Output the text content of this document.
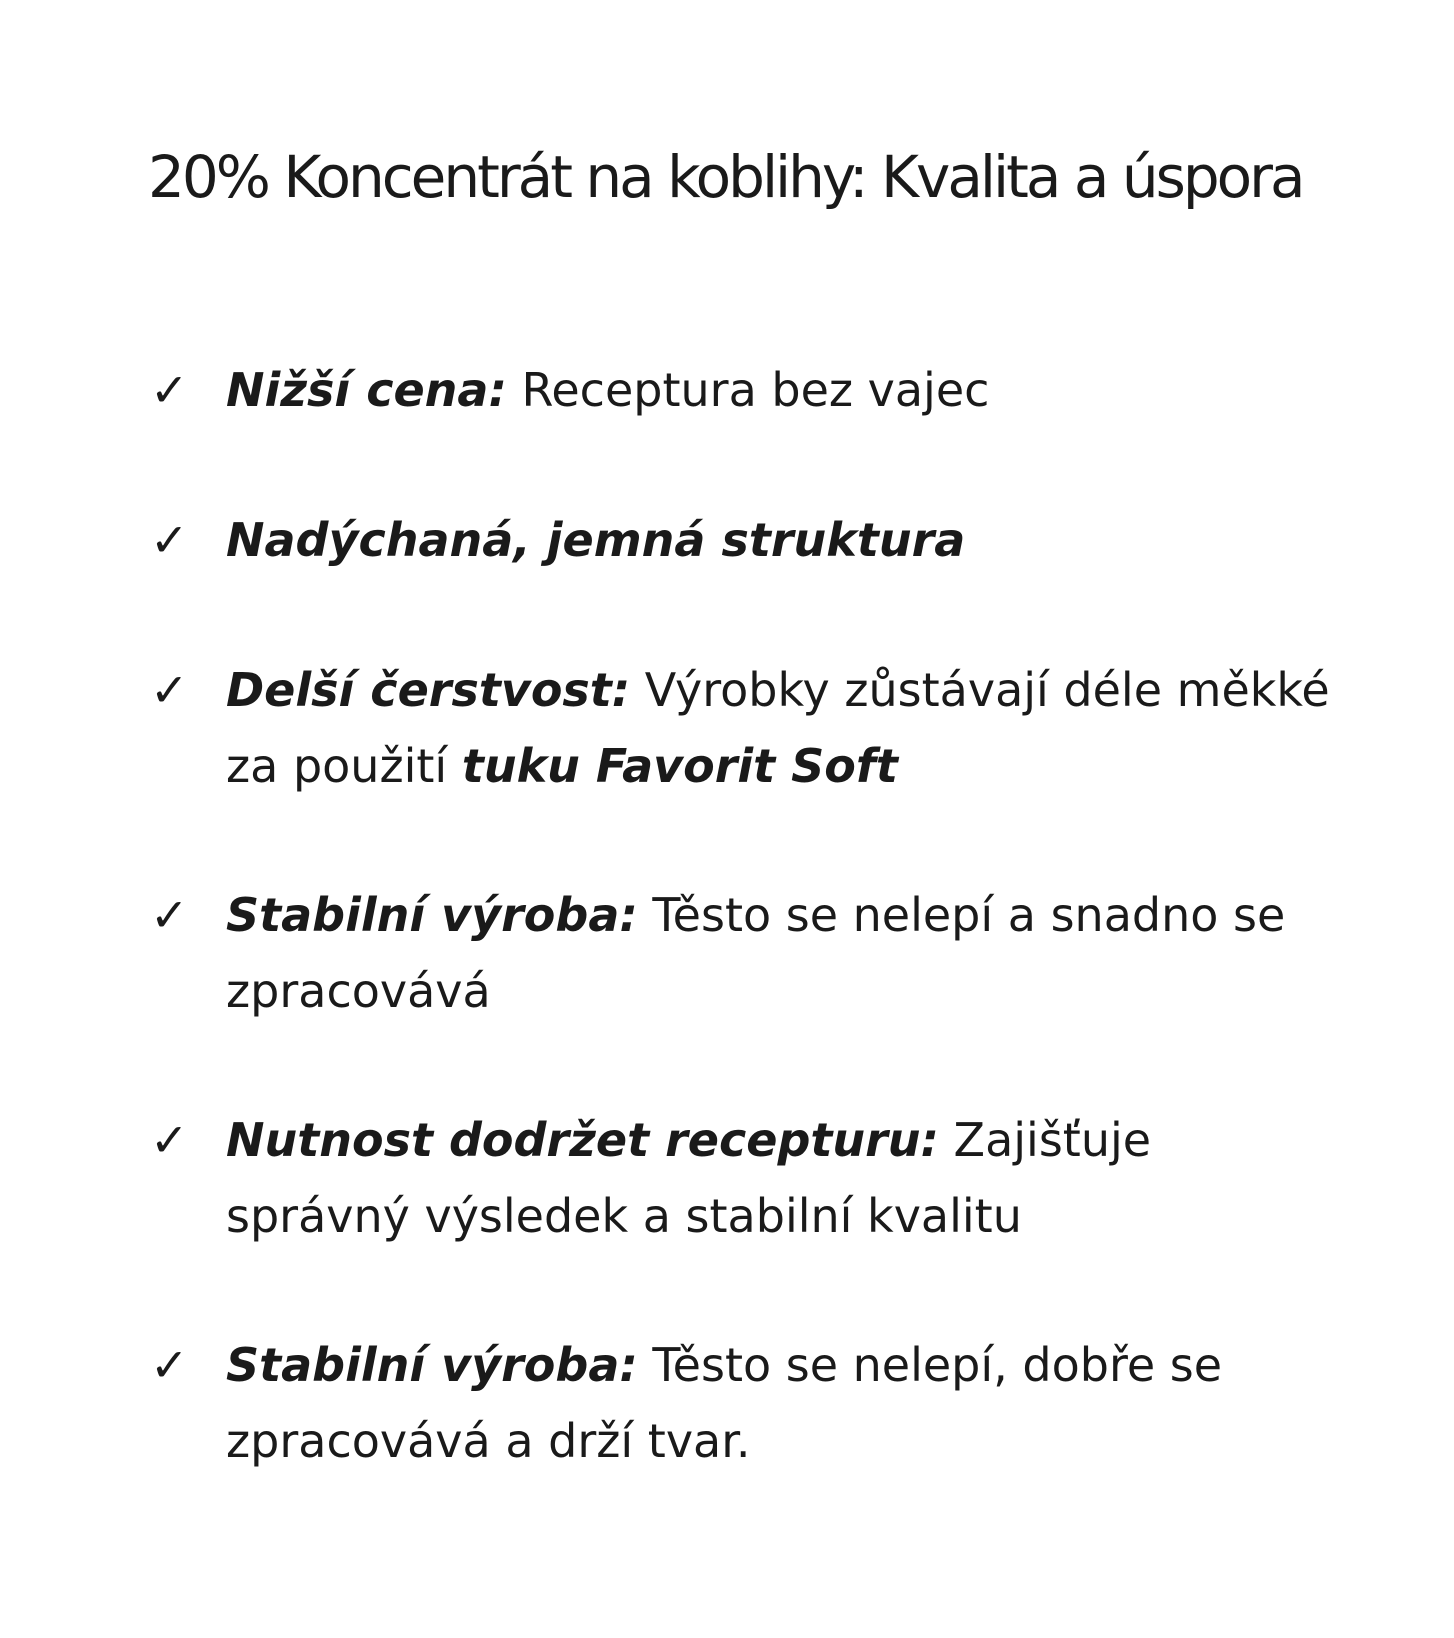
20% Koncentrát na koblihy: Kvalita a úspora
✓ Nižší cena: Receptura bez vajec
✓ Nadýchaná, jemná struktura
✓ Delší čerstvost: Výrobky zůstávají déle měkké za použití tuku Favorit Soft
✓ Stabilní výroba: Těsto se nelepí a snadno se zpracovává
✓ Nutnost dodržet recepturu: Zajišťuje správný výsledek a stabilní kvalitu
✓ Stabilní výroba: Těsto se nelepí, dobře se zpracovává a drží tvar.
